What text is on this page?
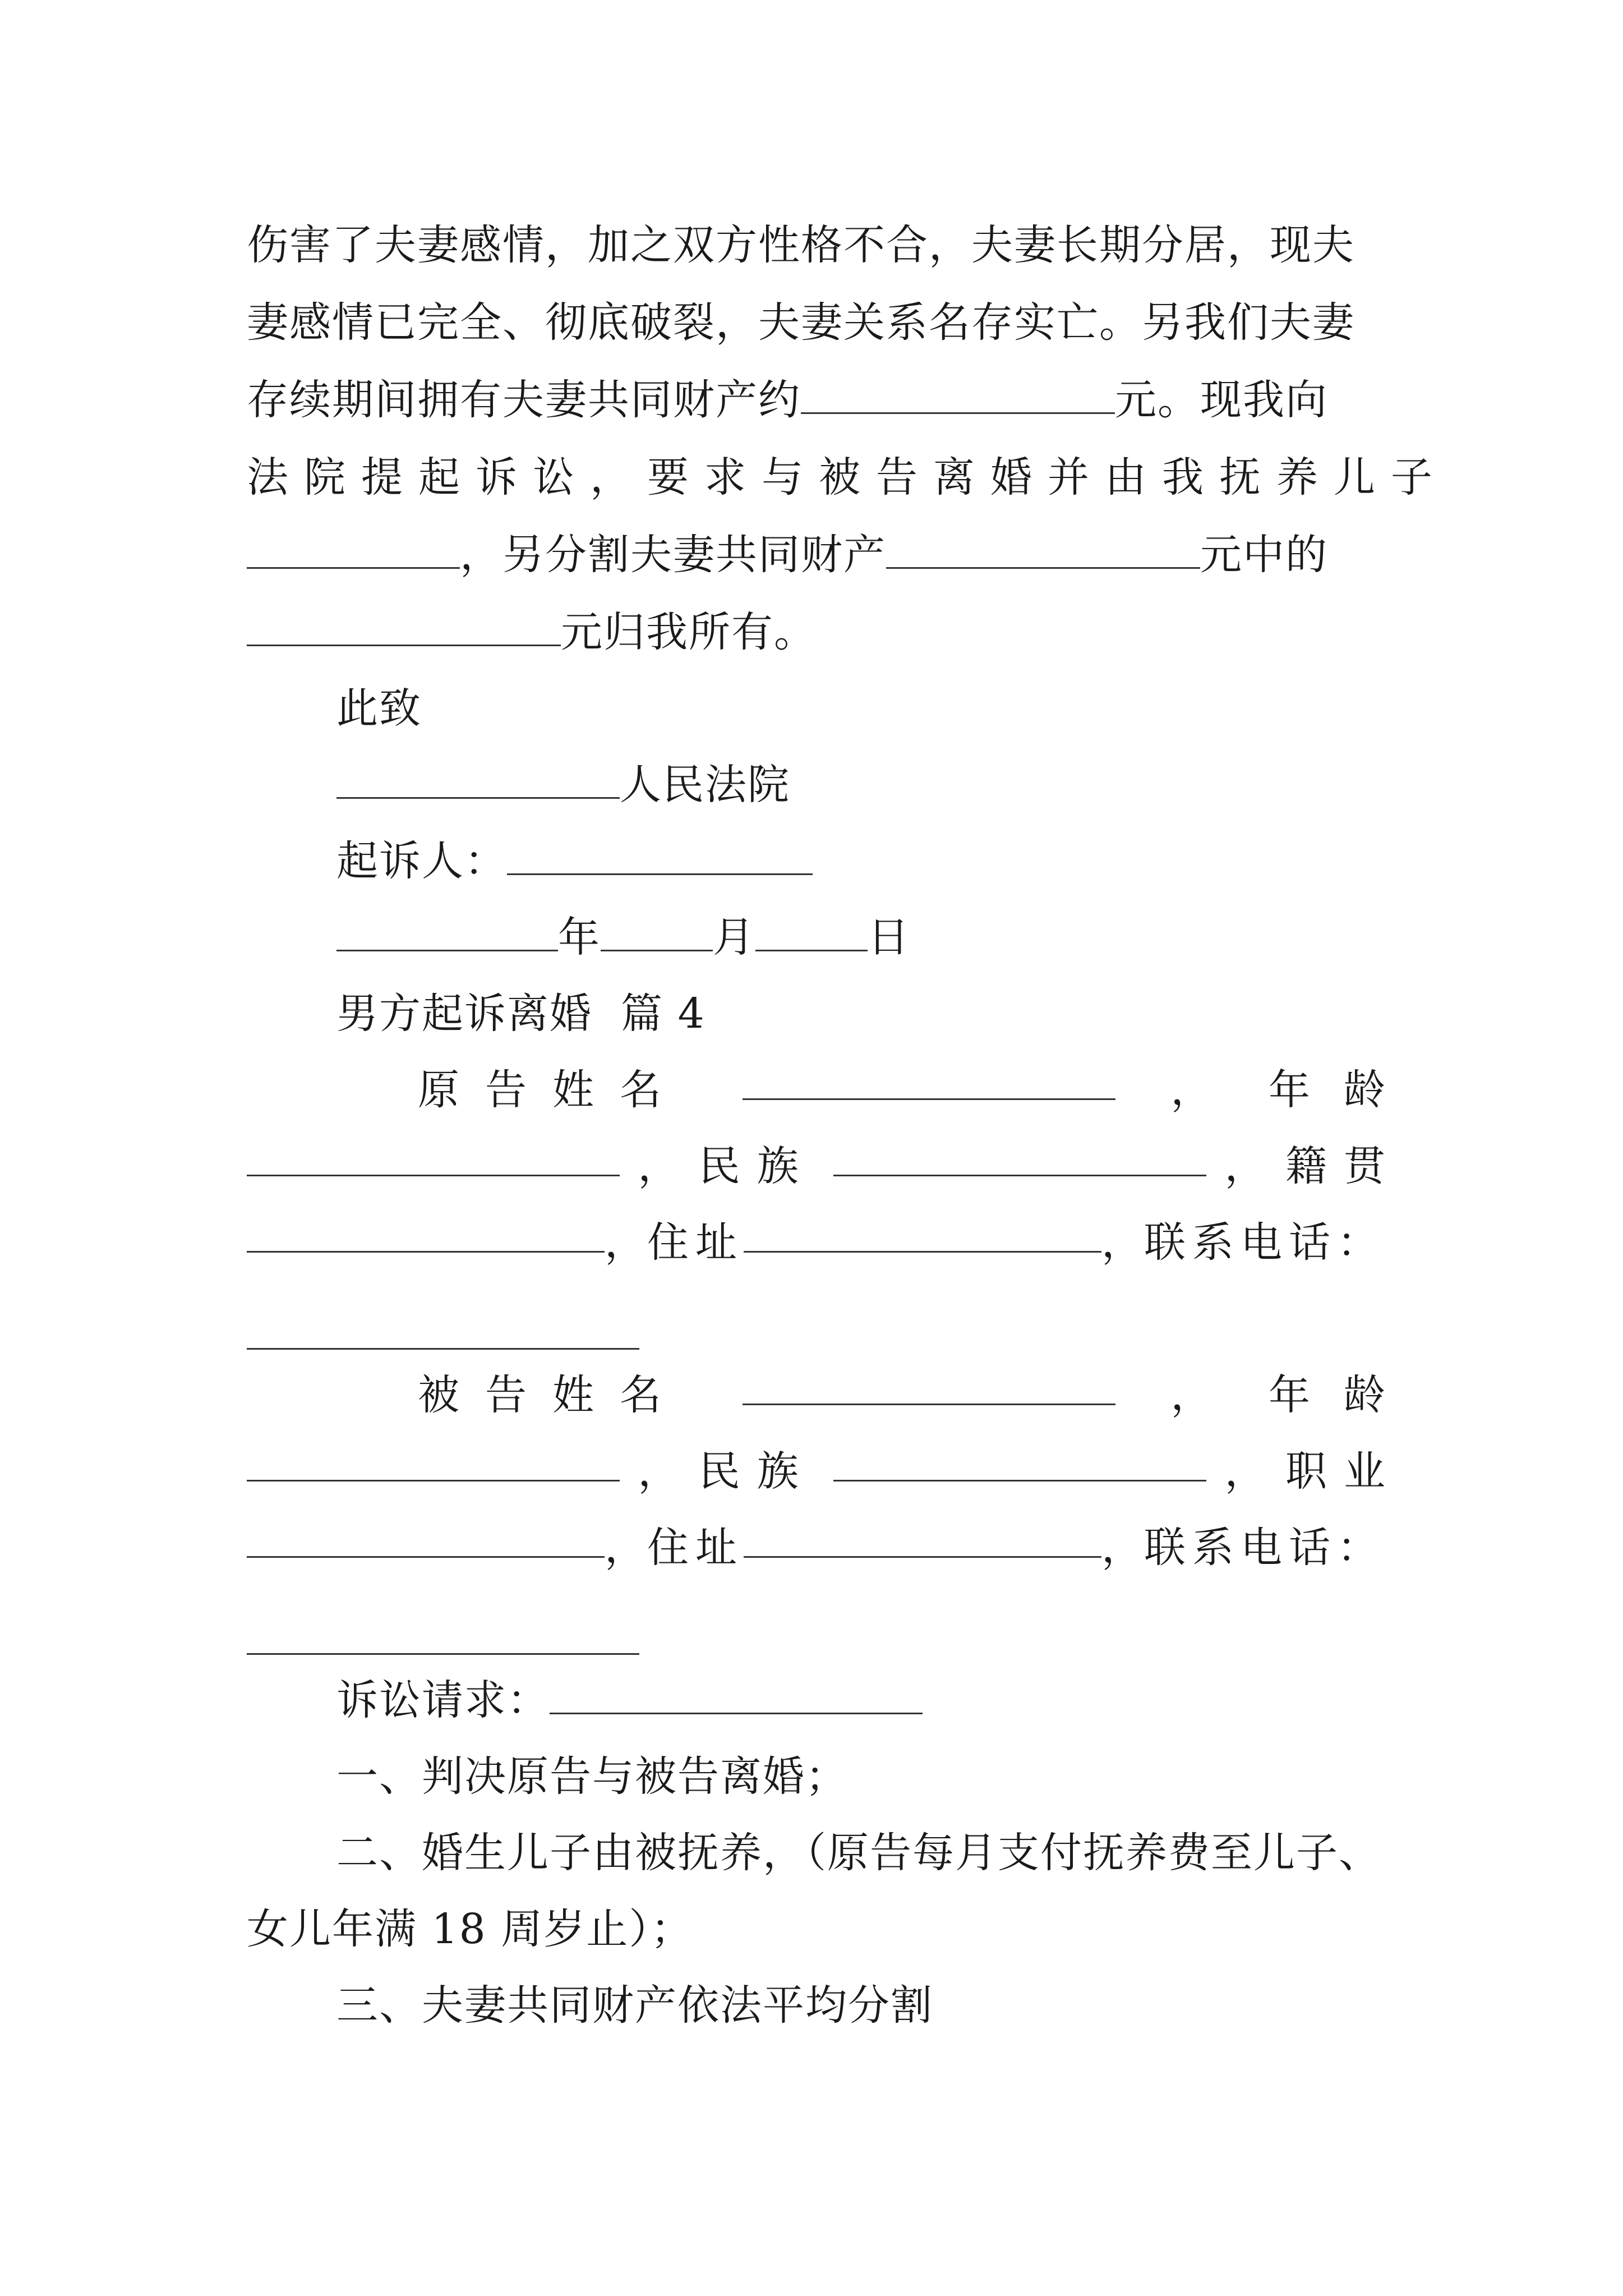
伤害了夫妻感情，加之双方性格不合，夫妻长期分居，现夫
妻感情已完全、彻底破裂，夫妻关系名存实亡。另我们夫妻
存续期间拥有夫妻共同财产约	元。现我向
法院提起诉讼，要求与被告离婚并由我抚养儿子
，另分割夫妻共同财产	元中的
元归我所有。
此致
人民法院
起诉人：
年	月	日
男方起诉离婚  篇 4
原告姓名	， 年龄
， 民族	， 籍贯
， 住址	， 联系电话：
被告姓名	， 年龄
， 民族	， 职业
， 住址	， 联系电话：
诉讼请求：
一、判决原告与被告离婚；
二、婚生儿子由被抚养，（原告每月支付抚养费至儿子、
女儿年满 18 周岁止）；
三、夫妻共同财产依法平均分割
